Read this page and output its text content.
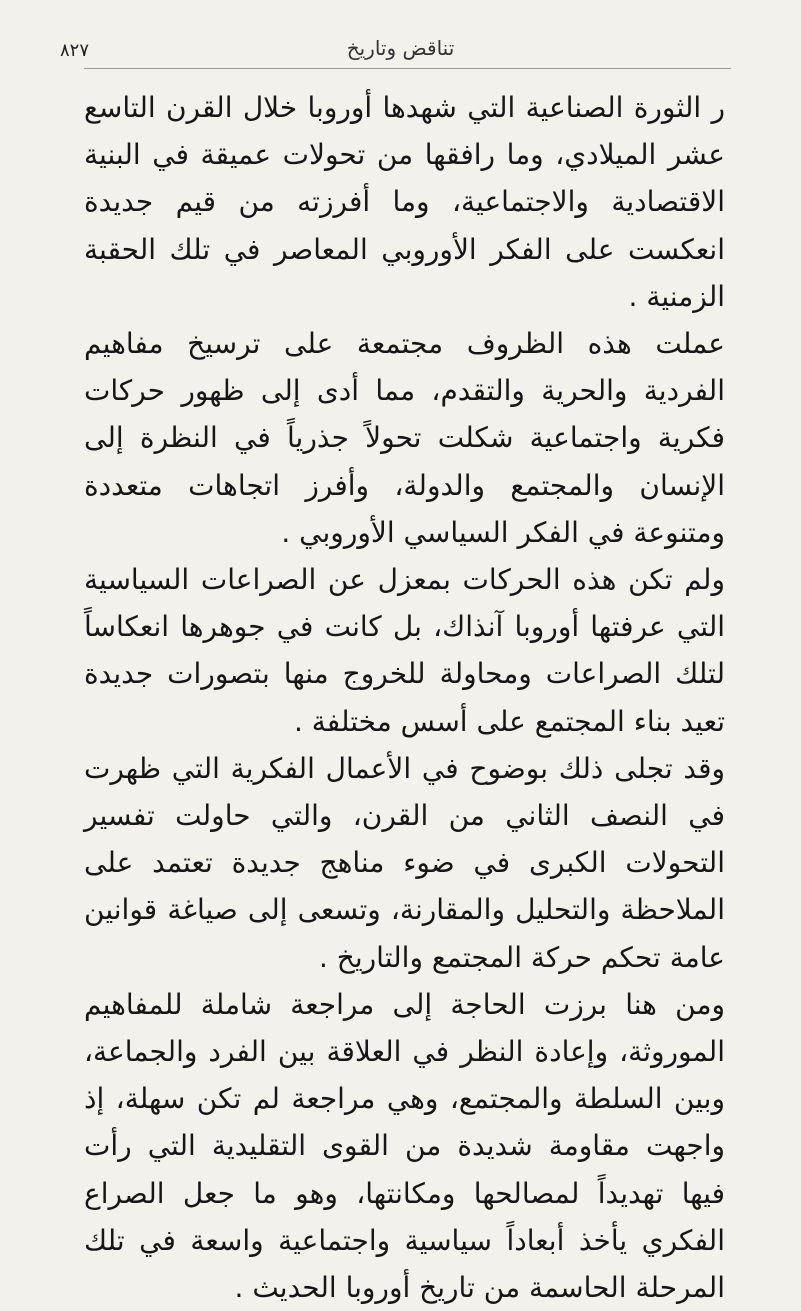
تناقض وتاريخ
٨٢٧

ر الثورة الصناعية التي شهدها أوروبا خلال القرن التاسع عشر الميلادي، وما رافقها من تحولات عميقة في البنية الاقتصادية والاجتماعية، وما أفرزته من قيم جديدة انعكست على الفكر الأوروبي المعاصر في تلك الحقبة الزمنية .

عملت هذه الظروف مجتمعة على ترسيخ مفاهيم الفردية والحرية والتقدم، مما أدى إلى ظهور حركات فكرية واجتماعية شكلت تحولاً جذرياً في النظرة إلى الإنسان والمجتمع والدولة، وأفرز اتجاهات متعددة ومتنوعة في الفكر السياسي الأوروبي .

ولم تكن هذه الحركات بمعزل عن الصراعات السياسية التي عرفتها أوروبا آنذاك، بل كانت في جوهرها انعكاساً لتلك الصراعات ومحاولة للخروج منها بتصورات جديدة تعيد بناء المجتمع على أسس مختلفة .

وقد تجلى ذلك بوضوح في الأعمال الفكرية التي ظهرت في النصف الثاني من القرن، والتي حاولت تفسير التحولات الكبرى في ضوء مناهج جديدة تعتمد على الملاحظة والتحليل والمقارنة، وتسعى إلى صياغة قوانين عامة تحكم حركة المجتمع والتاريخ .

ومن هنا برزت الحاجة إلى مراجعة شاملة للمفاهيم الموروثة، وإعادة النظر في العلاقة بين الفرد والجماعة، وبين السلطة والمجتمع، وهي مراجعة لم تكن سهلة، إذ واجهت مقاومة شديدة من القوى التقليدية التي رأت فيها تهديداً لمصالحها ومكانتها، وهو ما جعل الصراع الفكري يأخذ أبعاداً سياسية واجتماعية واسعة في تلك المرحلة الحاسمة من تاريخ أوروبا الحديث .
